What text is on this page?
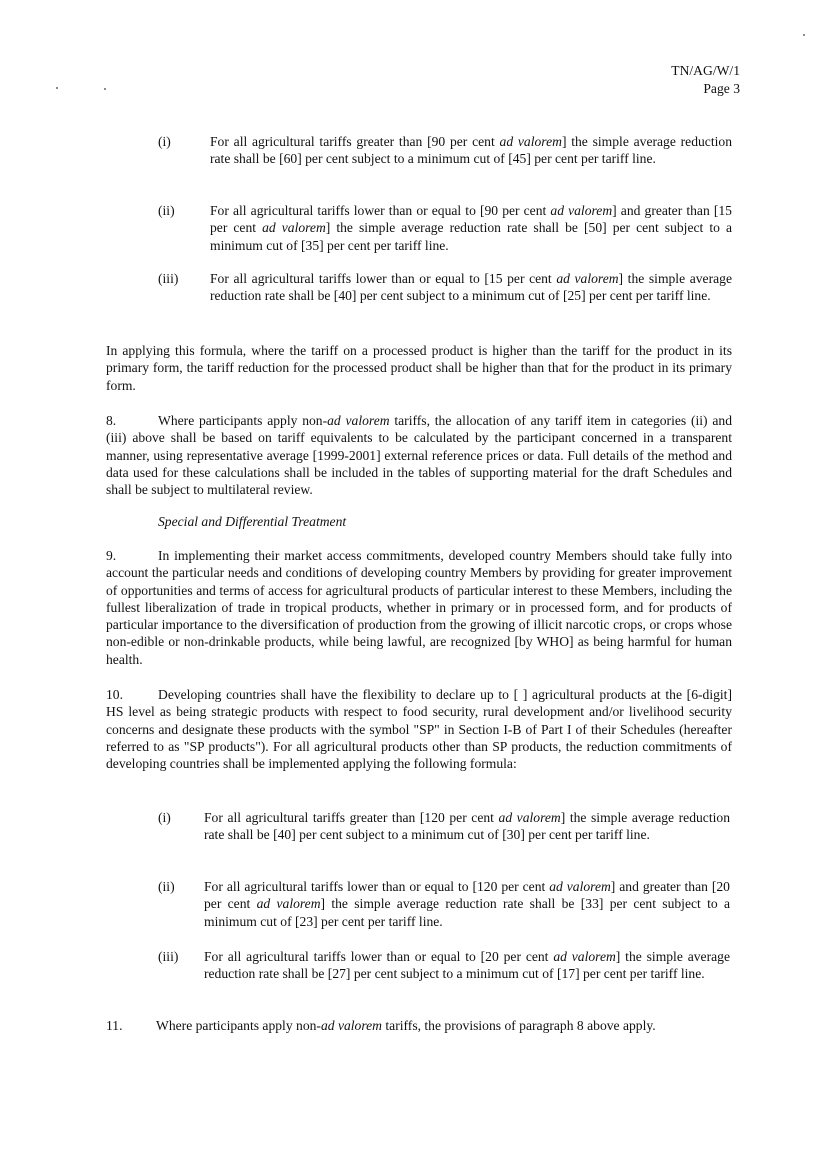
TN/AG/W/1
Page 3
(i)	For all agricultural tariffs greater than [90 per cent ad valorem] the simple average reduction rate shall be [60] per cent subject to a minimum cut of [45] per cent per tariff line.
(ii)	For all agricultural tariffs lower than or equal to [90 per cent ad valorem] and greater than [15 per cent ad valorem] the simple average reduction rate shall be [50] per cent subject to a minimum cut of [35] per cent per tariff line.
(iii) For all agricultural tariffs lower than or equal to [15 per cent ad valorem] the simple average reduction rate shall be [40] per cent subject to a minimum cut of [25] per cent per tariff line.
In applying this formula, where the tariff on a processed product is higher than the tariff for the product in its primary form, the tariff reduction for the processed product shall be higher than that for the product in its primary form.
8.	Where participants apply non-ad valorem tariffs, the allocation of any tariff item in categories (ii) and (iii) above shall be based on tariff equivalents to be calculated by the participant concerned in a transparent manner, using representative average [1999-2001] external reference prices or data. Full details of the method and data used for these calculations shall be included in the tables of supporting material for the draft Schedules and shall be subject to multilateral review.
Special and Differential Treatment
9.	In implementing their market access commitments, developed country Members should take fully into account the particular needs and conditions of developing country Members by providing for greater improvement of opportunities and terms of access for agricultural products of particular interest to these Members, including the fullest liberalization of trade in tropical products, whether in primary or in processed form, and for products of particular importance to the diversification of production from the growing of illicit narcotic crops, or crops whose non-edible or non-drinkable products, while being lawful, are recognized [by WHO] as being harmful for human health.
10.	Developing countries shall have the flexibility to declare up to [ ] agricultural products at the [6-digit] HS level as being strategic products with respect to food security, rural development and/or livelihood security concerns and designate these products with the symbol "SP" in Section I-B of Part I of their Schedules (hereafter referred to as "SP products"). For all agricultural products other than SP products, the reduction commitments of developing countries shall be implemented applying the following formula:
(i) For all agricultural tariffs greater than [120 per cent ad valorem] the simple average reduction rate shall be [40] per cent subject to a minimum cut of [30] per cent per tariff line.
(ii) For all agricultural tariffs lower than or equal to [120 per cent ad valorem] and greater than [20 per cent ad valorem] the simple average reduction rate shall be [33] per cent subject to a minimum cut of [23] per cent per tariff line.
(iii) For all agricultural tariffs lower than or equal to [20 per cent ad valorem] the simple average reduction rate shall be [27] per cent subject to a minimum cut of [17] per cent per tariff line.
11. Where participants apply non-ad valorem tariffs, the provisions of paragraph 8 above apply.
